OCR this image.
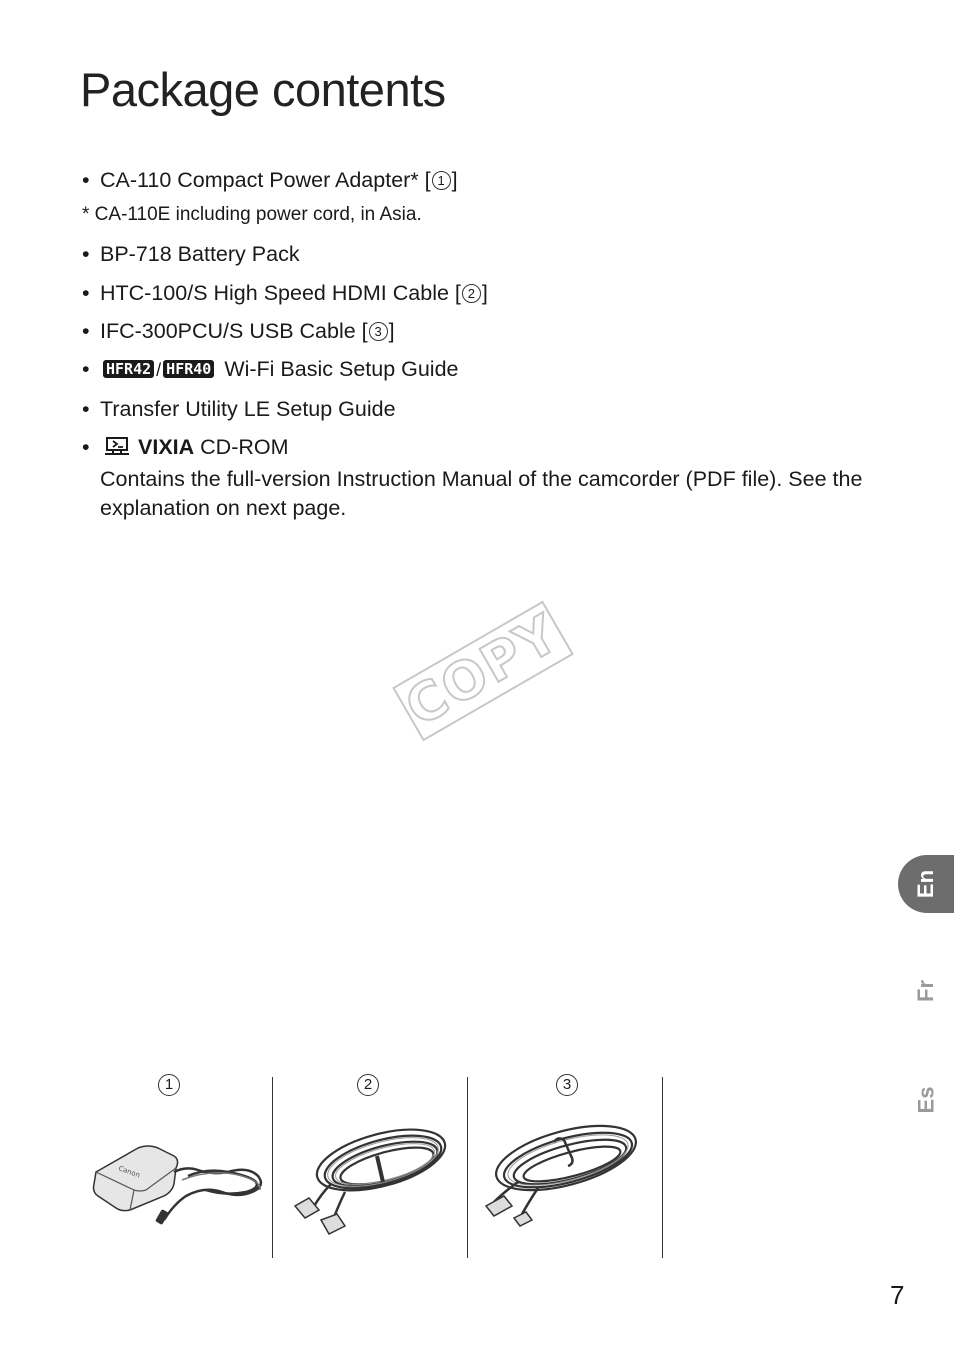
Package contents
• CA-110 Compact Power Adapter* [ 1 ]
* CA-110E including power cord, in Asia.
• BP-718 Battery Pack
• HTC-100/S High Speed HDMI Cable [ 2 ]
• IFC-300PCU/S USB Cable [ 3 ]
• HFR42 / HFR40 Wi-Fi Basic Setup Guide
• Transfer Utility LE Setup Guide
• VIXIA CD-ROM
Contains the full-version Instruction Manual of the camcorder (PDF file). See the explanation on next page.
COPY
En
Fr
Es
1
Canon
2	3
7
